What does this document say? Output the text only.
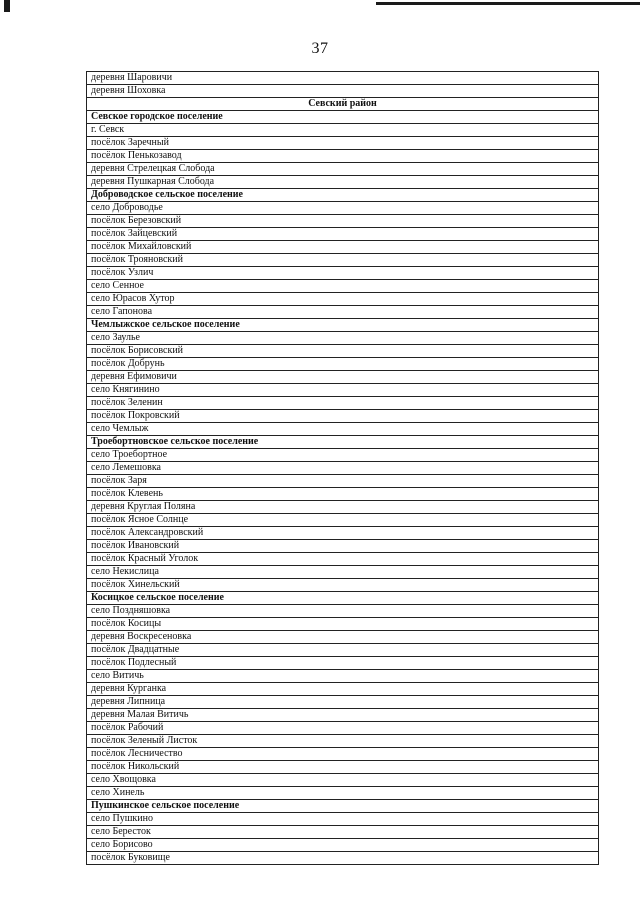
37
деревня Шаровичи
деревня Шоховка
Севский район
Севское городское поселение
г. Севск
посёлок Заречный
посёлок Пенькозавод
деревня Стрелецкая Слобода
деревня Пушкарная Слобода
Доброводское сельское поселение
село Доброводье
посёлок Березовский
посёлок Зайцевский
посёлок Михайловский
посёлок Трояновский
посёлок Узлич
село Сенное
село Юрасов Хутор
село Гапонова
Чемлыжское сельское поселение
село Заулье
посёлок Борисовский
посёлок Добрунь
деревня Ефимовичи
село Княгинино
посёлок Зеленин
посёлок Покровский
село Чемлыж
Троебортновское сельское поселение
село Троебортное
село Лемешовка
посёлок Заря
посёлок Клевень
деревня Круглая Поляна
посёлок Ясное Солнце
посёлок Александровский
посёлок Ивановский
посёлок Красный Уголок
село Некислица
посёлок Хинельский
Косицкое сельское поселение
село Поздняшовка
посёлок Косицы
деревня Воскресеновка
посёлок Двадцатные
посёлок Подлесный
село Витичь
деревня Курганка
деревня Липница
деревня Малая Витичь
посёлок Рабочий
посёлок Зеленый Листок
посёлок Лесничество
посёлок Никольский
село Хвощовка
село Хинель
Пушкинское сельское поселение
село Пушкино
село Бересток
село Борисово
посёлок Буковище
